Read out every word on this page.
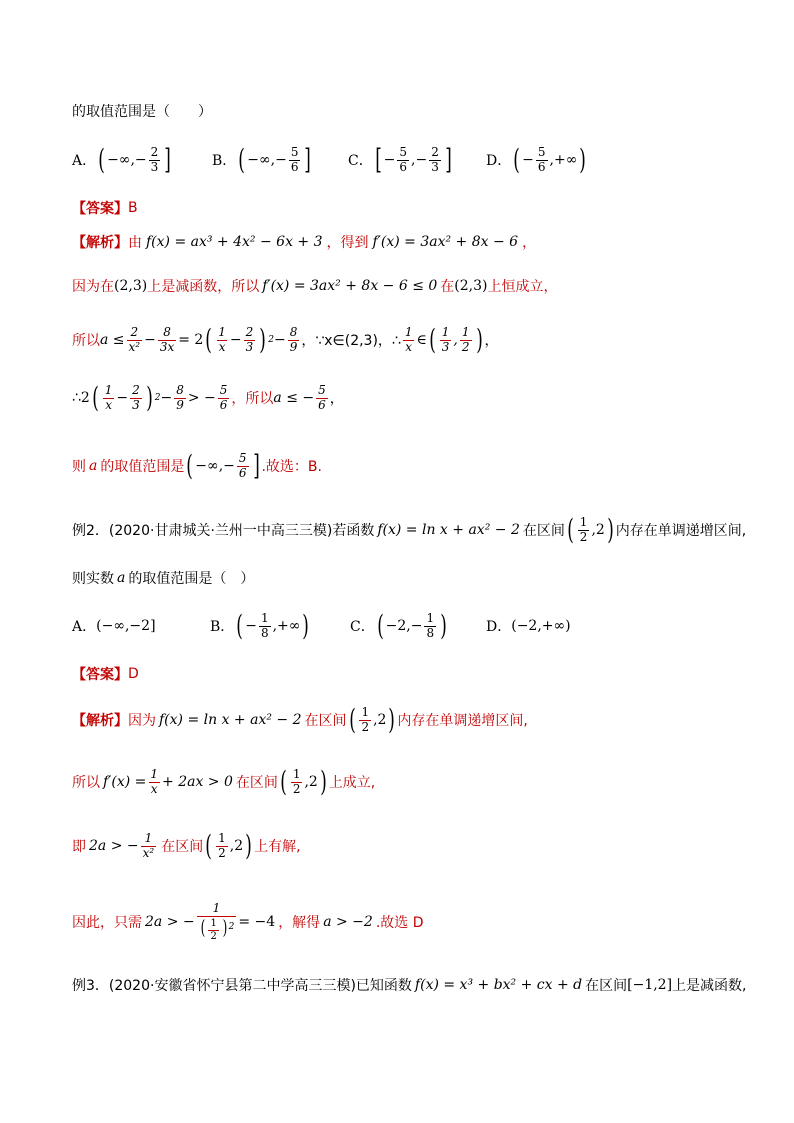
的取值范围是（　　）
A． ( −∞,− $\frac{2}{3}$ ]	B． ( −∞,− $\frac{5}{6}$ ]	C． [ − $\frac{5}{6}$ ,− $\frac{2}{3}$ ] D． ( − $\frac{5}{6}$ ,+∞ )
【答案】 B
【解析】 由 f(x) = ax³ + 4x² − 6x + 3 ，得到 f′(x) = 3ax² + 8x − 6 ，
因为在 (2,3) 上是减函数，所以 f′(x) = 3ax² + 8x − 6 ≤ 0 在 (2,3) 上恒成立，
所以 $a \le \frac{2}{\text{x²}} - \frac{8}{3x} = 2$ ( $\frac{1}{x} - \frac{2}{3}$ ) $2 - \frac{8}{9}$ ， ∵x∈(2,3)，∴ $\frac{1}{x}$ ∈ ( $\frac{1}{3}$ , $\frac{1}{2}$ ) ，
∴ 2 ( $\frac{1}{x} - \frac{2}{3}$ ) $2 - \frac{8}{9}$ > − $\frac{5}{6}$ ，所以 a ≤ − $\frac{5}{6}$ ，
则 a 的取值范围是 ( −∞,− $\frac{5}{6}$ ] .故选：B.
例2．(2020·甘肃城关·兰州一中高三三模)若函数 f(x) = ln x + ax² − 2 在区间 ( $\frac{1}{2} ,2$ ) 内存在单调递增区间,
则实数 a 的取值范围是（　）
A． (−∞,−2]	B． ( − $\frac{1}{8}$ ,+∞ )	C． ( $-2,- \frac{1}{8}$ )	D． (−2,+∞)
【答案】 D
【解析】 因为 f(x) = ln x + ax² − 2 在区间 ( $\frac{1}{2} ,2$ ) 内存在单调递增区间,
所以 $f'(x) = \frac{1}{x} + 2ax > 0$ 在区间 ( $\frac{1}{2} ,2$ ) 上成立,
即 2a > − $\frac{1}{\text{x²}}$ 在区间 ( $\frac{1}{2} ,2$ ) 上有解,
因此，只需 2a > − $\frac{1}{( \frac{1}{2} ) ^2} = -4$ ，解得 a > −2 .故选 D
例3．(2020·安徽省怀宁县第二中学高三三模)已知函数 f(x) = x³ + bx² + cx + d 在区间 [−1,2] 上是减函数,
